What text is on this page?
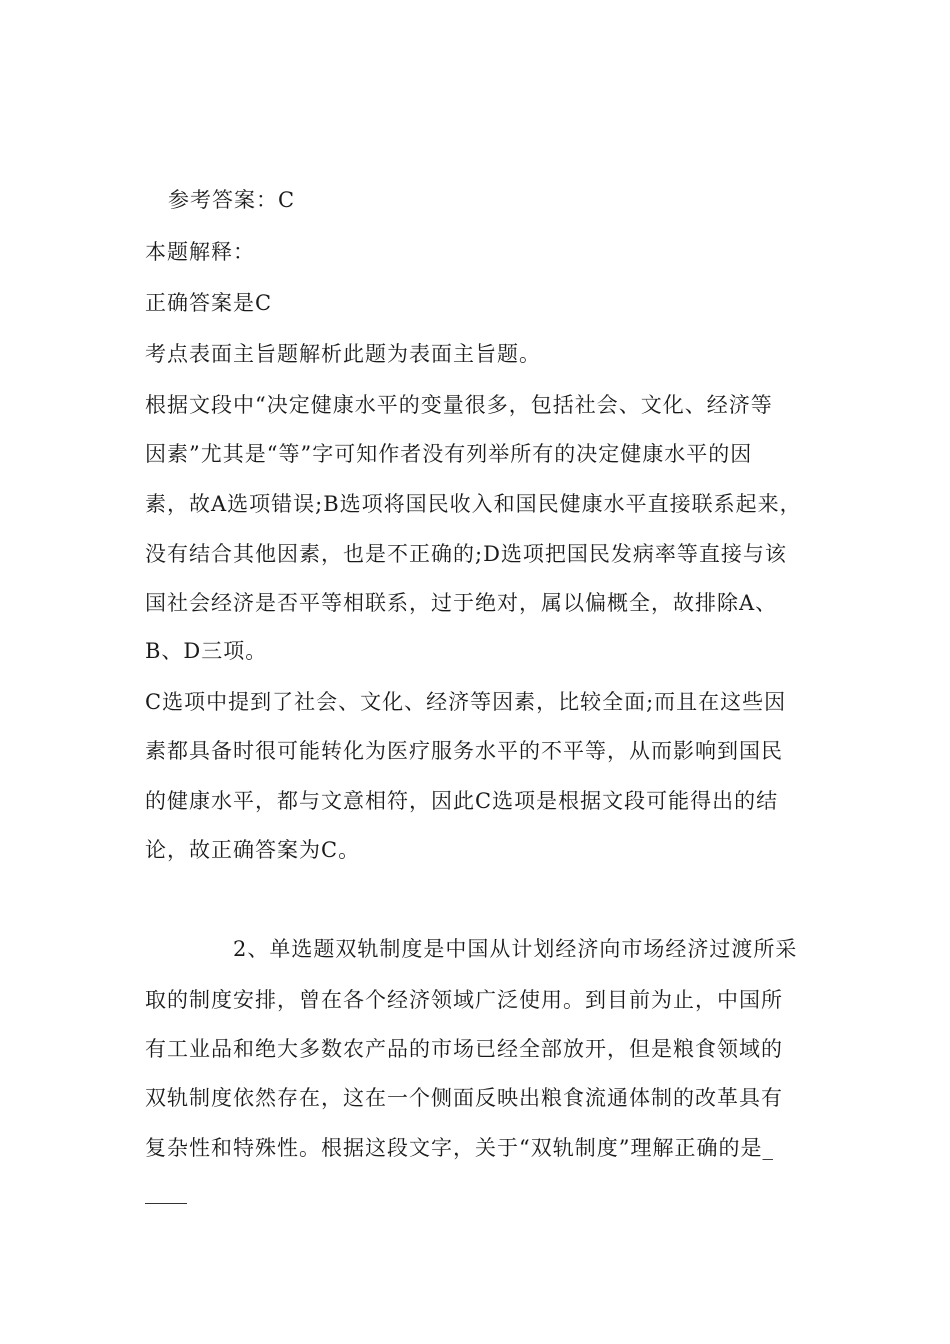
参考答案：C
本题解释：
正确答案是C
考点表面主旨题解析此题为表面主旨题。
根据文段中“决定健康水平的变量很多，包括社会、文化、经济等
因素”尤其是“等”字可知作者没有列举所有的决定健康水平的因
素，故A选项错误;B选项将国民收入和国民健康水平直接联系起来，
没有结合其他因素，也是不正确的;D选项把国民发病率等直接与该
国社会经济是否平等相联系，过于绝对，属以偏概全，故排除A、
B、D三项。
C选项中提到了社会、文化、经济等因素，比较全面;而且在这些因
素都具备时很可能转化为医疗服务水平的不平等，从而影响到国民
的健康水平，都与文意相符，因此C选项是根据文段可能得出的结
论，故正确答案为C。
2、单选题双轨制度是中国从计划经济向市场经济过渡所采
取的制度安排，曾在各个经济领域广泛使用。到目前为止，中国所
有工业品和绝大多数农产品的市场已经全部放开，但是粮食领域的
双轨制度依然存在，这在一个侧面反映出粮食流通体制的改革具有
复杂性和特殊性。根据这段文字，关于“双轨制度”理解正确的是_
